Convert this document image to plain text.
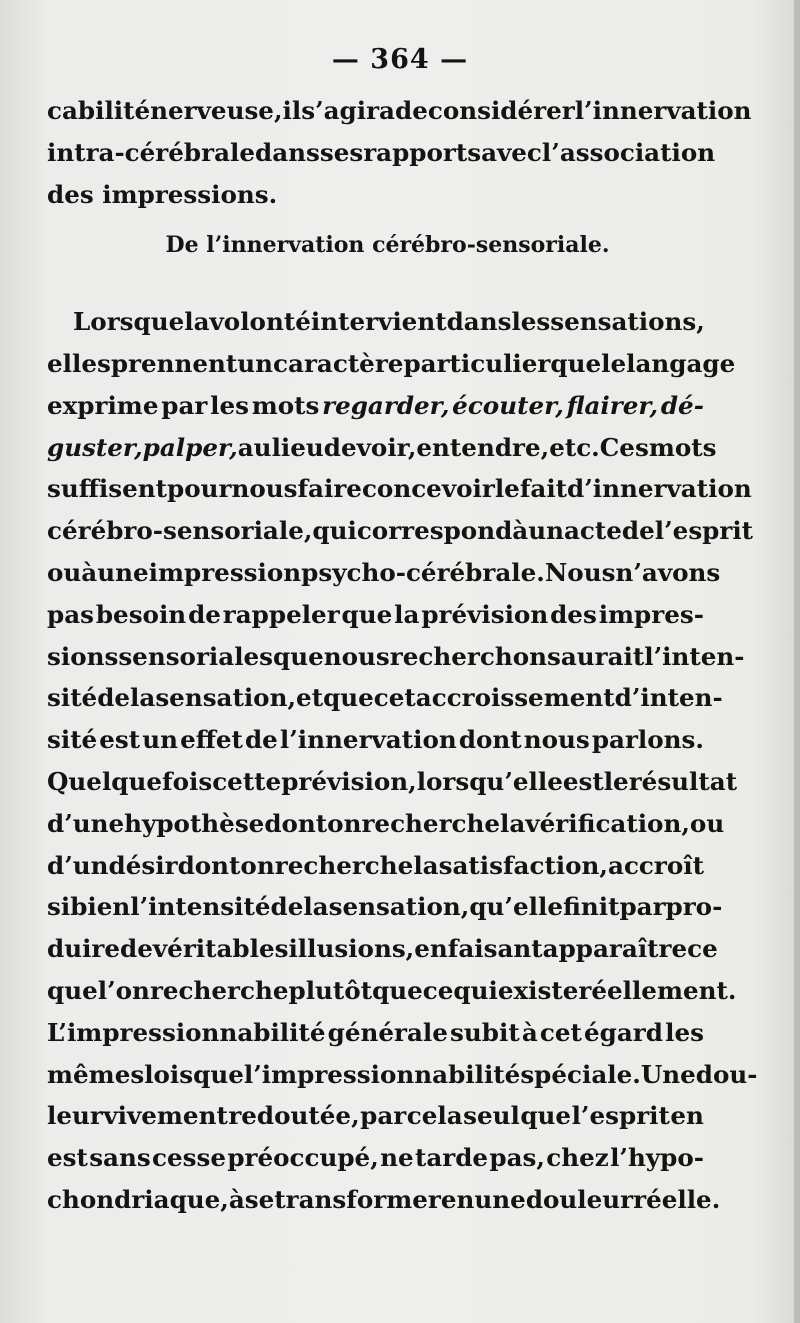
— 364 —
cabilité nerveuse, il s’agira de considérer l’innervation
intra-cérébrale dans ses rapports avec l’association
des impressions.
De l’innervation cérébro-sensoriale.
Lorsque la volonté intervient dans les sensations,
elles prennent un caractère particulier que le langage
exprime par les mots regarder, écouter, flairer, dé-
guster, palper, au lieu de voir, entendre, etc. Ces mots
suffisent pour nous faire concevoir le fait d’innervation
cérébro-sensoriale, qui correspond à un acte de l’esprit
ou à une impression psycho-cérébrale. Nous n’avons
pas besoin de rappeler que la prévision des impres-
sions sensoriales que nous recherchons aurait l’inten-
sité de la sensation, et que cet accroissement d’inten-
sité est un effet de l’innervation dont nous parlons.
Quelquefois cette prévision, lorsqu’elle est le résultat
d’une hypothèse dont on recherche la vérification, ou
d’un désir dont on recherche la satisfaction, accroît
si bien l’intensité de la sensation, qu’elle finit par pro-
duire de véritables illusions, en faisant apparaître ce
que l’on recherche plutôt que ce qui existe réellement.
L’impressionnabilité générale subit à cet égard les
mêmes lois que l’impressionnabilité spéciale. Une dou-
leur vivement redoutée, par cela seul que l’esprit en
est sans cesse préoccupé, ne tarde pas, chez l’hypo-
chondriaque, à se transformer en une douleur réelle.
